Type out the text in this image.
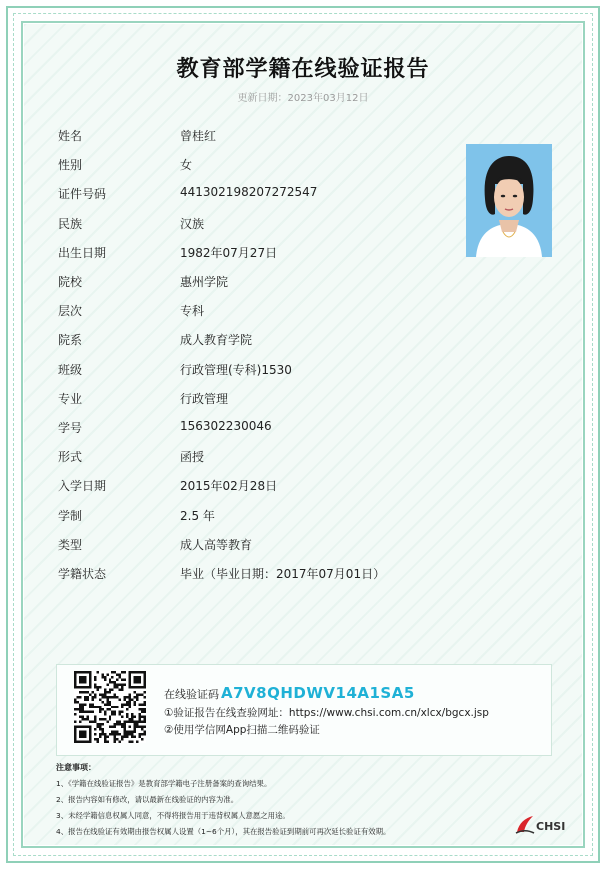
教育部学籍在线验证报告
更新日期：2023年03月12日
姓名	曾桂红
性别	女
证件号码	441302198207272547
民族	汉族
出生日期	1982年07月27日
院校	惠州学院
层次	专科
院系	成人教育学院
班级	行政管理(专科)1530
专业	行政管理
学号	156302230046
形式	函授
入学日期	2015年02月28日
学制	2.5 年
类型	成人高等教育
学籍状态	毕业（毕业日期：2017年07月01日）
在线验证码 A7V8QHDWV14A1SA5
①验证报告在线查验网址：https://www.chsi.com.cn/xlcx/bgcx.jsp
②使用学信网App扫描二维码验证
注意事项：
1、《学籍在线验证报告》是教育部学籍电子注册备案的查询结果。
2、报告内容如有修改，请以最新在线验证的内容为准。
3、未经学籍信息权属人同意，不得将报告用于违背权属人意愿之用途。
4、报告在线验证有效期由报告权属人设置（1~6个月），其在报告验证到期前可再次延长验证有效期。	CHSI
